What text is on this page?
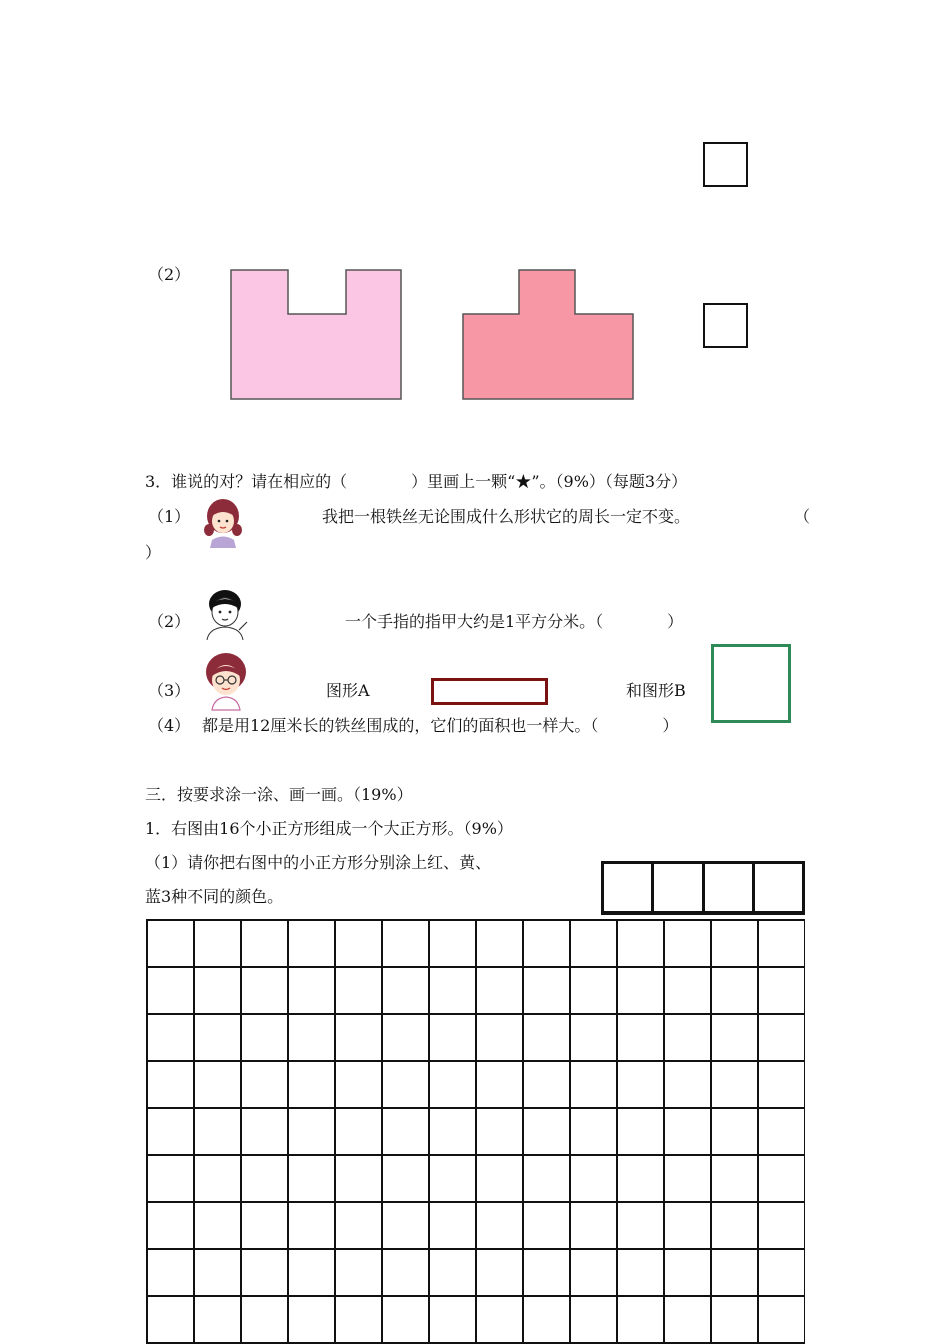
（2）
3．谁说的对？请在相应的（　　　　）里画上一颗“★”。（9%）（每题3分）
（1）	我把一根铁丝无论围成什么形状它的周长一定不变。	（
）
（2）	一个手指的指甲大约是1平方分米。（　　　　）
（3）	图形A	和图形B
（4） 都是用12厘米长的铁丝围成的，它们的面积也一样大。（　　　　）
三．按要求涂一涂、画一画。（19%）
1．右图由16个小正方形组成一个大正方形。（9%）
（1）请你把右图中的小正方形分别涂上红、黄、
蓝3种不同的颜色。
